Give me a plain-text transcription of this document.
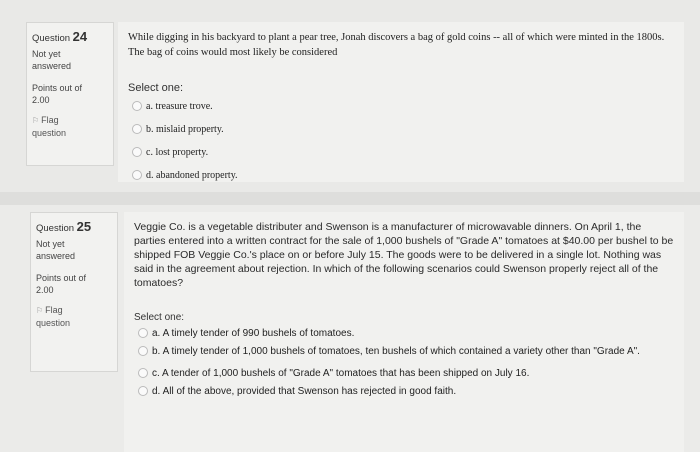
Question 24
Not yet
answered
Points out of
2.00
⚐ Flag
question
While digging in his backyard to plant a pear tree, Jonah discovers a bag of gold coins -- all of which were minted in the 1800s. The bag of coins would most likely be considered
Select one:
a. treasure trove.
b. mislaid property.
c. lost property.
d. abandoned property.
Question 25
Not yet
answered
Points out of
2.00
⚐ Flag
question
Veggie Co. is a vegetable distributer and Swenson is a manufacturer of microwavable dinners. On April 1, the parties entered into a written contract for the sale of 1,000 bushels of "Grade A" tomatoes at $40.00 per bushel to be shipped FOB Veggie Co.'s place on or before July 15. The goods were to be delivered in a single lot. Nothing was said in the agreement about rejection. In which of the following scenarios could Swenson properly reject all of the tomatoes?
Select one:
a. A timely tender of 990 bushels of tomatoes.
b. A timely tender of 1,000 bushels of tomatoes, ten bushels of which contained a variety other than "Grade A".
c. A tender of 1,000 bushels of "Grade A" tomatoes that has been shipped on July 16.
d. All of the above, provided that Swenson has rejected in good faith.
